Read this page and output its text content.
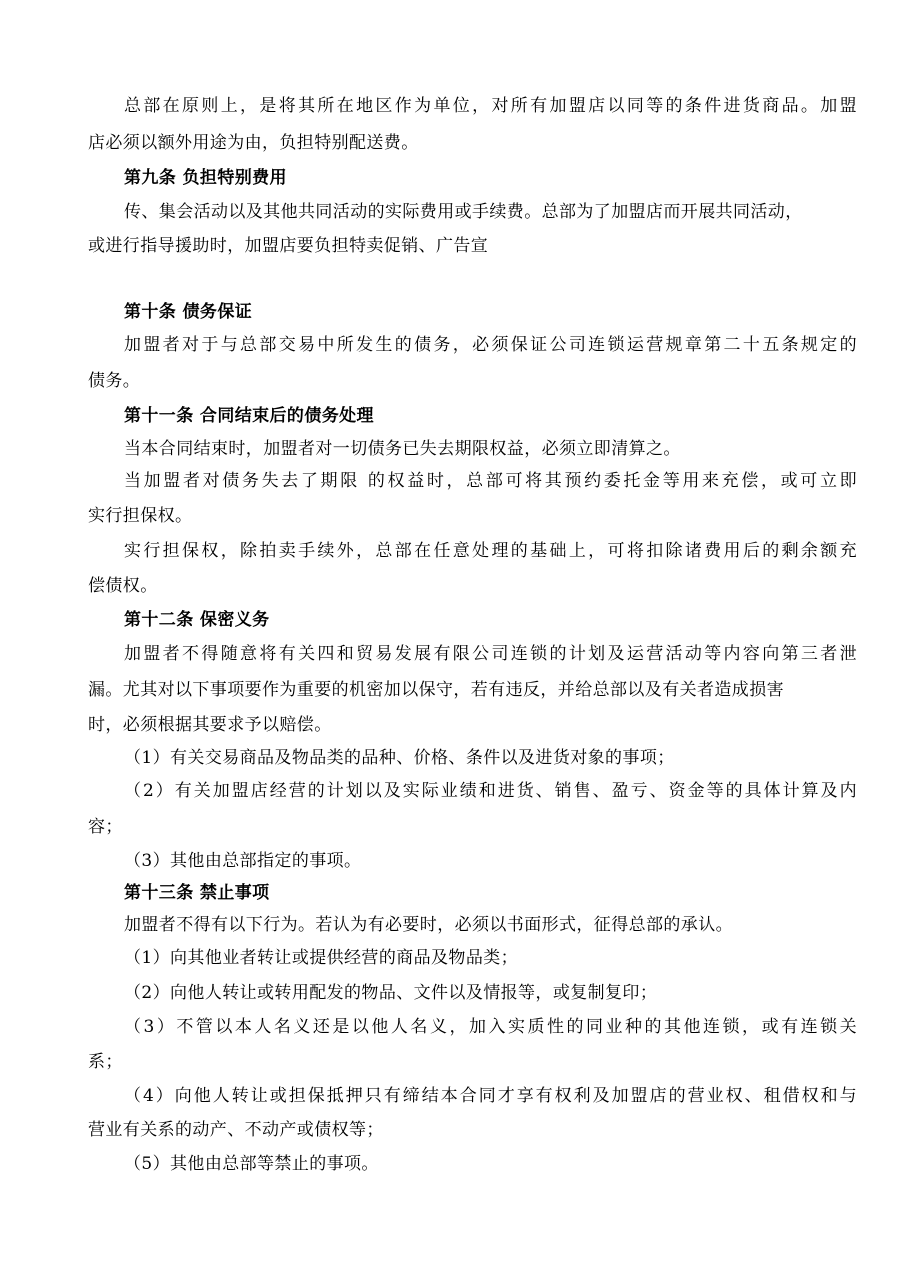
总部在原则上，是将其所在地区作为单位，对所有加盟店以同等的条件进货商品。加盟
店必须以额外用途为由，负担特别配送费。
第九条 负担特别费用
传、集会活动以及其他共同活动的实际费用或手续费。总部为了加盟店而开展共同活动，
或进行指导援助时，加盟店要负担特卖促销、广告宣
第十条 债务保证
加盟者对于与总部交易中所发生的债务，必须保证公司连锁运营规章第二十五条规定的
债务。
第十一条 合同结束后的债务处理
当本合同结束时，加盟者对一切债务已失去期限权益，必须立即清算之。
当加盟者对债务失去了期限 的权益时，总部可将其预约委托金等用来充偿，或可立即
实行担保权。
实行担保权，除拍卖手续外，总部在任意处理的基础上，可将扣除诸费用后的剩余额充
偿债权。
第十二条 保密义务
加盟者不得随意将有关四和贸易发展有限公司连锁的计划及运营活动等内容向第三者泄
漏。尤其对以下事项要作为重要的机密加以保守，若有违反，并给总部以及有关者造成损害
时，必须根据其要求予以赔偿。
（1）有关交易商品及物品类的品种、价格、条件以及进货对象的事项；
（2）有关加盟店经营的计划以及实际业绩和进货、销售、盈亏、资金等的具体计算及内
容；
（3）其他由总部指定的事项。
第十三条 禁止事项
加盟者不得有以下行为。若认为有必要时，必须以书面形式，征得总部的承认。
（1）向其他业者转让或提供经营的商品及物品类；
（2）向他人转让或转用配发的物品、文件以及情报等，或复制复印；
（3）不管以本人名义还是以他人名义，加入实质性的同业种的其他连锁，或有连锁关
系；
（4）向他人转让或担保抵押只有缔结本合同才享有权利及加盟店的营业权、租借权和与
营业有关系的动产、不动产或债权等；
（5）其他由总部等禁止的事项。
